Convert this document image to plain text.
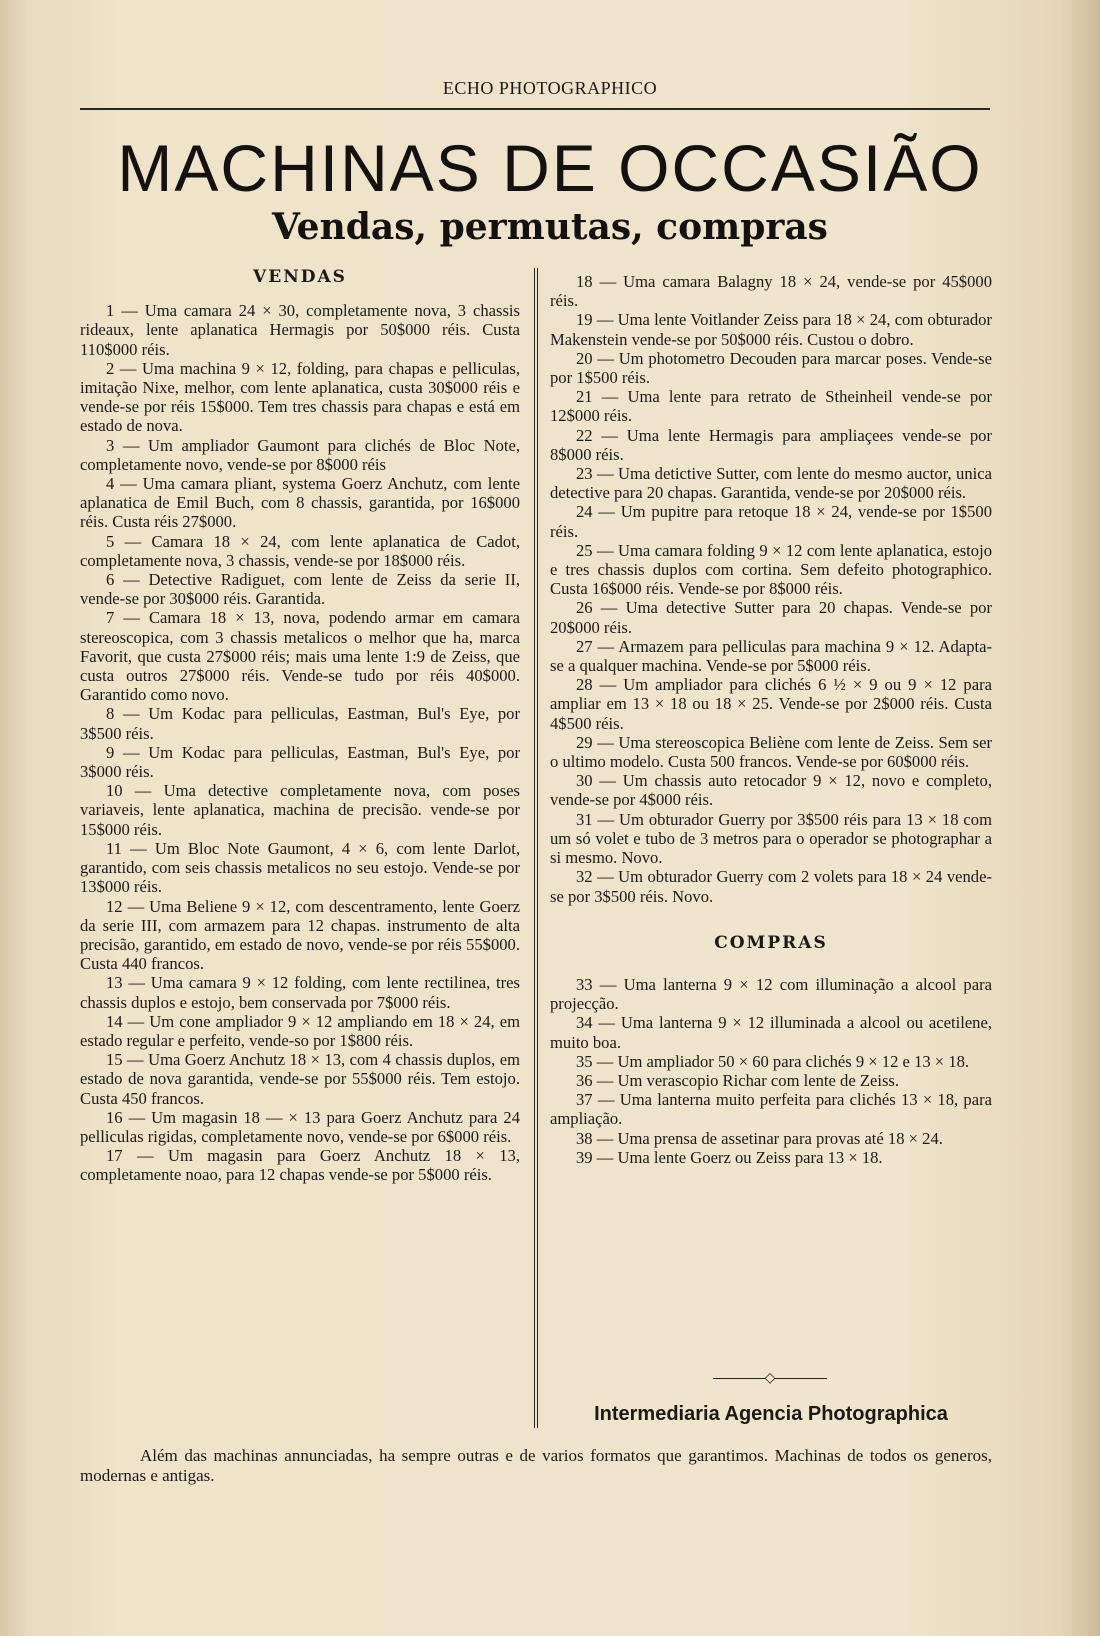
ECHO PHOTOGRAPHICO
MACHINAS DE OCCASIÃO
Vendas, permutas, compras
VENDAS

1 — Uma camara 24 × 30, completamente nova, 3 chassis rideaux, lente aplanatica Hermagis por 50$000 réis. Custa 110$000 réis.

2 — Uma machina 9 × 12, folding, para chapas e pelliculas, imitação Nixe, melhor, com lente aplanatica, custa 30$000 réis e vende-se por réis 15$000. Tem tres chassis para chapas e está em estado de nova.

3 — Um ampliador Gaumont para clichés de Bloc Note, completamente novo, vende-se por 8$000 réis

4 — Uma camara pliant, systema Goerz Anchutz, com lente aplanatica de Emil Buch, com 8 chassis, garantida, por 16$000 réis. Custa réis 27$000.

5 — Camara 18 × 24, com lente aplanatica de Cadot, completamente nova, 3 chassis, vende-se por 18$000 réis.

6 — Detective Radiguet, com lente de Zeiss da serie II, vende-se por 30$000 réis. Garantida.

7 — Camara 18 × 13, nova, podendo armar em camara stereoscopica, com 3 chassis metalicos o melhor que ha, marca Favorit, que custa 27$000 réis; mais uma lente 1:9 de Zeiss, que custa outros 27$000 réis. Vende-se tudo por réis 40$000. Garantido como novo.

8 — Um Kodac para pelliculas, Eastman, Bul's Eye, por 3$500 réis.

9 — Um Kodac para pelliculas, Eastman, Bul's Eye, por 3$000 réis.

10 — Uma detective completamente nova, com poses variaveis, lente aplanatica, machina de precisão. vende-se por 15$000 réis.

11 — Um Bloc Note Gaumont, 4 × 6, com lente Darlot, garantido, com seis chassis metalicos no seu estojo. Vende-se por 13$000 réis.

12 — Uma Beliene 9 × 12, com descentramento, lente Goerz da serie III, com armazem para 12 chapas. instrumento de alta precisão, garantido, em estado de novo, vende-se por réis 55$000. Custa 440 francos.

13 — Uma camara 9 × 12 folding, com lente rectilinea, tres chassis duplos e estojo, bem conservada por 7$000 réis.

14 — Um cone ampliador 9 × 12 ampliando em 18 × 24, em estado regular e perfeito, vende-so por 1$800 réis.

15 — Uma Goerz Anchutz 18 × 13, com 4 chassis duplos, em estado de nova garantida, vende-se por 55$000 réis. Tem estojo. Custa 450 francos.

16 — Um magasin 18 — × 13 para Goerz Anchutz para 24 pelliculas rigidas, completamente novo, vende-se por 6$000 réis.

17 — Um magasin para Goerz Anchutz 18 × 13, completamente noao, para 12 chapas vende-se por 5$000 réis.

18 — Uma camara Balagny 18 × 24, vende-se por 45$000 réis.

19 — Uma lente Voitlander Zeiss para 18 × 24, com obturador Makenstein vende-se por 50$000 réis. Custou o dobro.

20 — Um photometro Decouden para marcar poses. Vende-se por 1$500 réis.

21 — Uma lente para retrato de Stheinheil vende-se por 12$000 réis.

22 — Uma lente Hermagis para ampliaçees vende-se por 8$000 réis.

23 — Uma detictive Sutter, com lente do mesmo auctor, unica detective para 20 chapas. Garantida, vende-se por 20$000 réis.

24 — Um pupitre para retoque 18 × 24, vende-se por 1$500 réis.

25 — Uma camara folding 9 × 12 com lente aplanatica, estojo e tres chassis duplos com cortina. Sem defeito photographico. Custa 16$000 réis. Vende-se por 8$000 réis.

26 — Uma detective Sutter para 20 chapas. Vende-se por 20$000 réis.

27 — Armazem para pelliculas para machina 9 × 12. Adapta-se a qualquer machina. Vende-se por 5$000 réis.

28 — Um ampliador para clichés 6 ½ × 9 ou 9 × 12 para ampliar em 13 × 18 ou 18 × 25. Vende-se por 2$000 réis. Custa 4$500 réis.

29 — Uma stereoscopica Beliène com lente de Zeiss. Sem ser o ultimo modelo. Custa 500 francos. Vende-se por 60$000 réis.

30 — Um chassis auto retocador 9 × 12, novo e completo, vende-se por 4$000 réis.

31 — Um obturador Guerry por 3$500 réis para 13 × 18 com um só volet e tubo de 3 metros para o operador se photographar a si mesmo. Novo.

32 — Um obturador Guerry com 2 volets para 18 × 24 vende-se por 3$500 réis. Novo.

COMPRAS

33 — Uma lanterna 9 × 12 com illuminação a alcool para projecção.

34 — Uma lanterna 9 × 12 illuminada a alcool ou acetilene, muito boa.

35 — Um ampliador 50 × 60 para clichés 9 × 12 e 13 × 18.

36 — Um verascopio Richar com lente de Zeiss.

37 — Uma lanterna muito perfeita para clichés 13 × 18, para ampliação.

38 — Uma prensa de assetinar para provas até 18 × 24.

39 — Uma lente Goerz ou Zeiss para 13 × 18.

◇
Intermediaria Agencia Photographica
Além das machinas annunciadas, ha sempre outras e de varios formatos que garantimos. Machinas de todos os generos, modernas e antigas.
